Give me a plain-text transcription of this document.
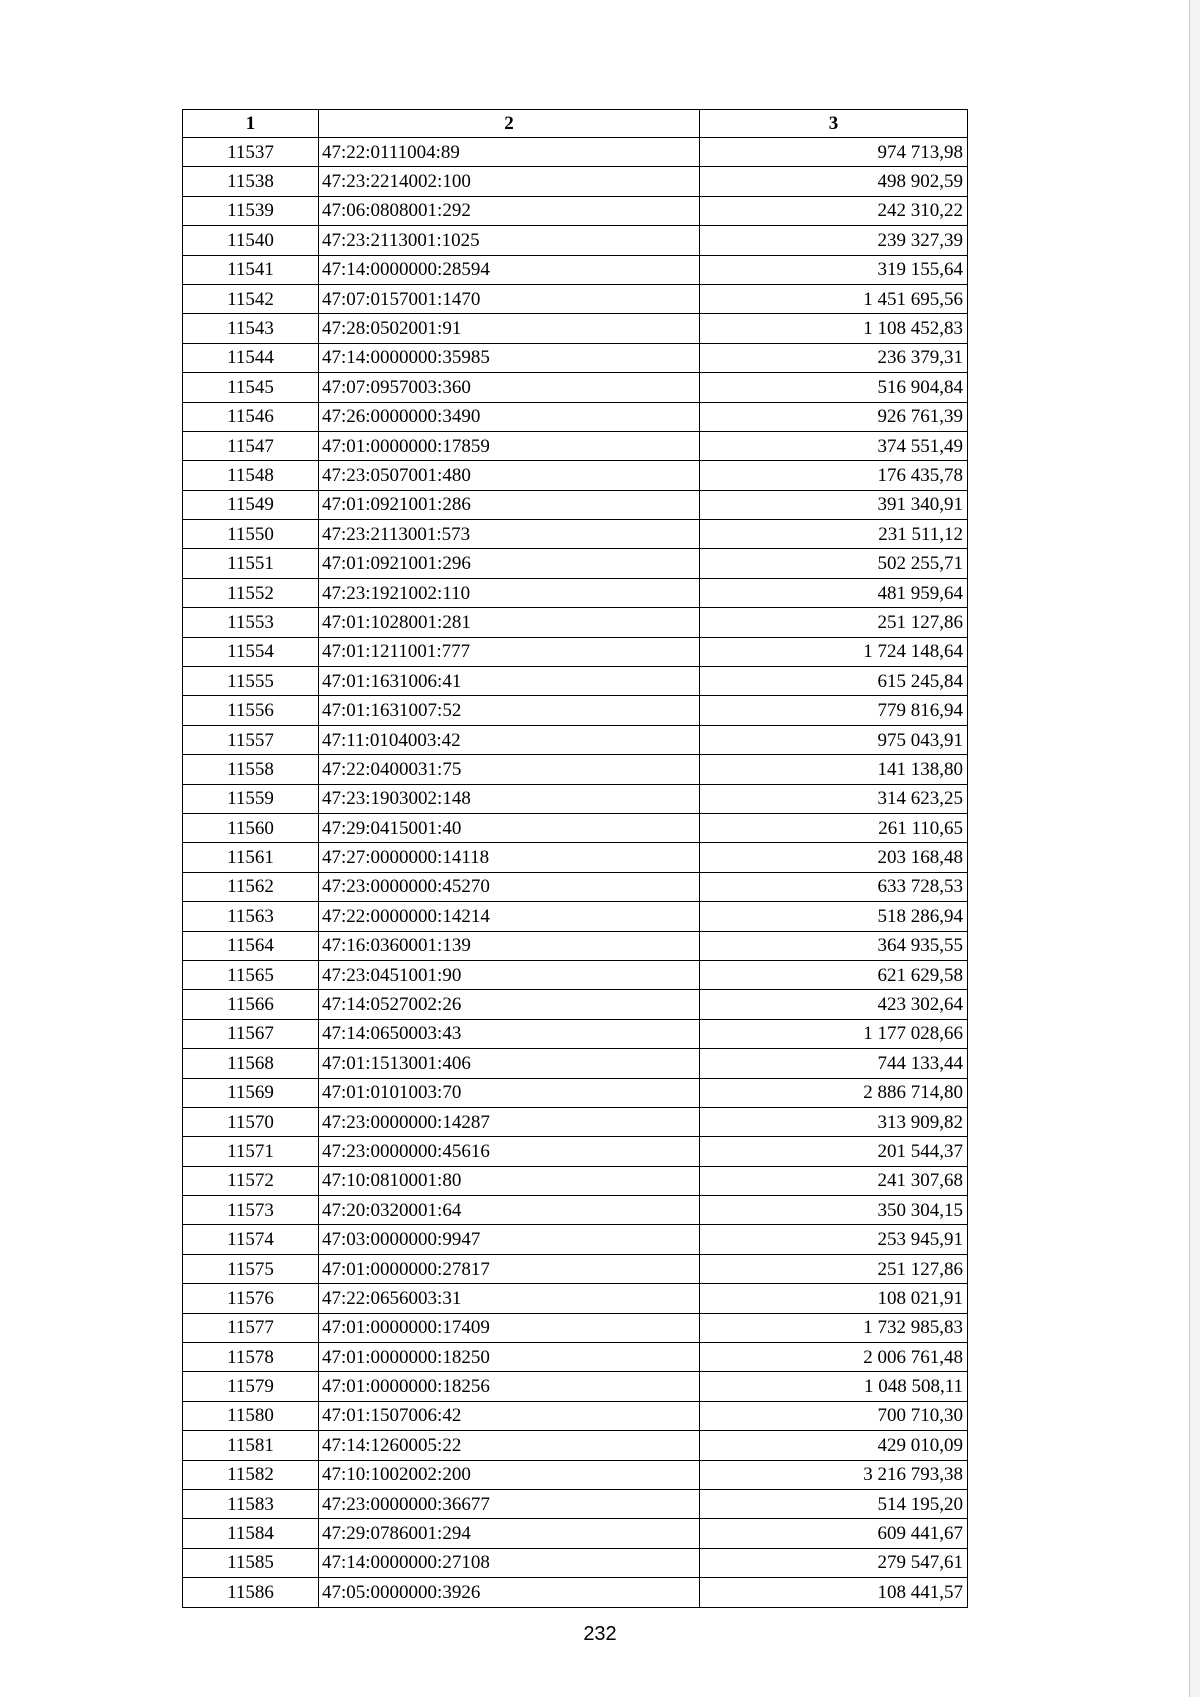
1	2	3
11537	47:22:0111004:89	974 713,98
11538	47:23:2214002:100	498 902,59
11539	47:06:0808001:292	242 310,22
11540	47:23:2113001:1025	239 327,39
11541	47:14:0000000:28594	319 155,64
11542	47:07:0157001:1470	1 451 695,56
11543	47:28:0502001:91	1 108 452,83
11544	47:14:0000000:35985	236 379,31
11545	47:07:0957003:360	516 904,84
11546	47:26:0000000:3490	926 761,39
11547	47:01:0000000:17859	374 551,49
11548	47:23:0507001:480	176 435,78
11549	47:01:0921001:286	391 340,91
11550	47:23:2113001:573	231 511,12
11551	47:01:0921001:296	502 255,71
11552	47:23:1921002:110	481 959,64
11553	47:01:1028001:281	251 127,86
11554	47:01:1211001:777	1 724 148,64
11555	47:01:1631006:41	615 245,84
11556	47:01:1631007:52	779 816,94
11557	47:11:0104003:42	975 043,91
11558	47:22:0400031:75	141 138,80
11559	47:23:1903002:148	314 623,25
11560	47:29:0415001:40	261 110,65
11561	47:27:0000000:14118	203 168,48
11562	47:23:0000000:45270	633 728,53
11563	47:22:0000000:14214	518 286,94
11564	47:16:0360001:139	364 935,55
11565	47:23:0451001:90	621 629,58
11566	47:14:0527002:26	423 302,64
11567	47:14:0650003:43	1 177 028,66
11568	47:01:1513001:406	744 133,44
11569	47:01:0101003:70	2 886 714,80
11570	47:23:0000000:14287	313 909,82
11571	47:23:0000000:45616	201 544,37
11572	47:10:0810001:80	241 307,68
11573	47:20:0320001:64	350 304,15
11574	47:03:0000000:9947	253 945,91
11575	47:01:0000000:27817	251 127,86
11576	47:22:0656003:31	108 021,91
11577	47:01:0000000:17409	1 732 985,83
11578	47:01:0000000:18250	2 006 761,48
11579	47:01:0000000:18256	1 048 508,11
11580	47:01:1507006:42	700 710,30
11581	47:14:1260005:22	429 010,09
11582	47:10:1002002:200	3 216 793,38
11583	47:23:0000000:36677	514 195,20
11584	47:29:0786001:294	609 441,67
11585	47:14:0000000:27108	279 547,61
11586	47:05:0000000:3926	108 441,57
232
